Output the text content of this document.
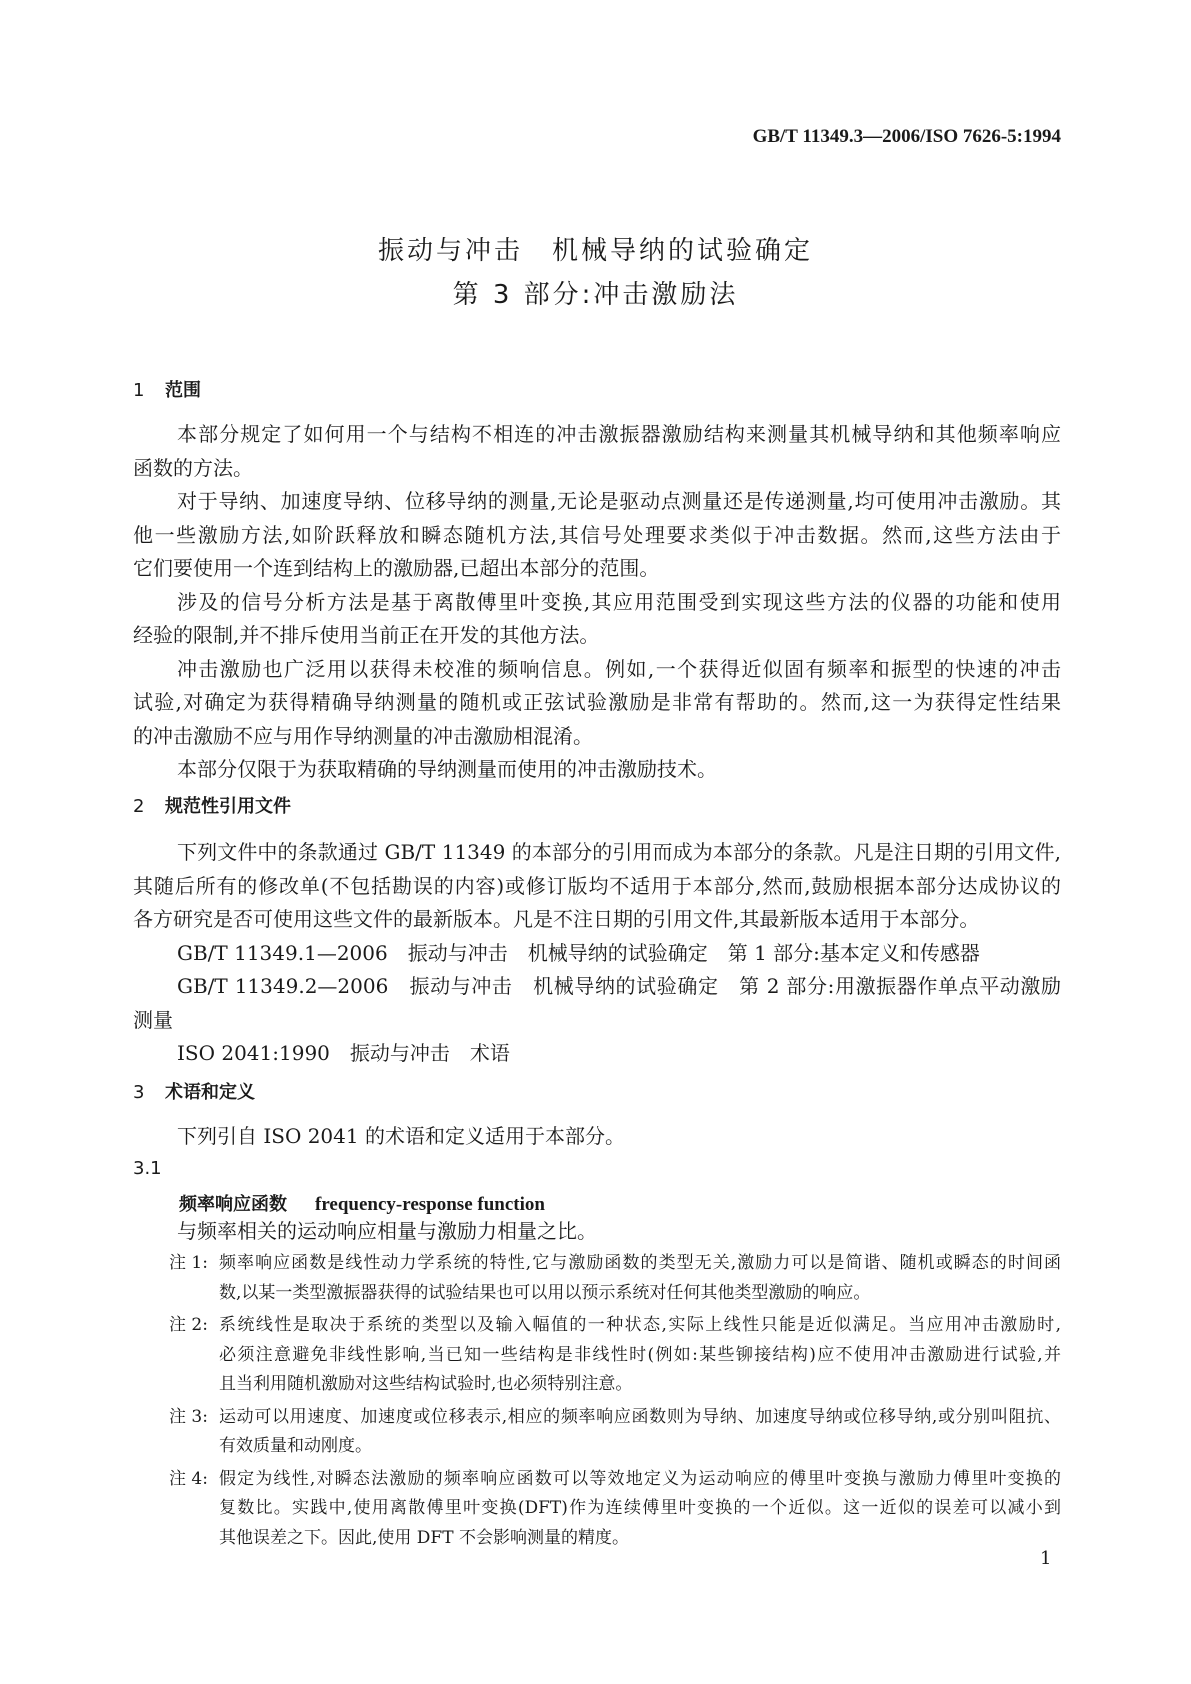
GB/T 11349.3—2006/ISO 7626-5:1994
振动与冲击　机械导纳的试验确定
第 3 部分:冲击激励法
1 范围
本部分规定了如何用一个与结构不相连的冲击激振器激励结构来测量其机械导纳和其他频率响应
函数的方法。
对于导纳、加速度导纳、位移导纳的测量,无论是驱动点测量还是传递测量,均可使用冲击激励。其
他一些激励方法,如阶跃释放和瞬态随机方法,其信号处理要求类似于冲击数据。然而,这些方法由于
它们要使用一个连到结构上的激励器,已超出本部分的范围。
涉及的信号分析方法是基于离散傅里叶变换,其应用范围受到实现这些方法的仪器的功能和使用
经验的限制,并不排斥使用当前正在开发的其他方法。
冲击激励也广泛用以获得未校准的频响信息。例如,一个获得近似固有频率和振型的快速的冲击
试验,对确定为获得精确导纳测量的随机或正弦试验激励是非常有帮助的。然而,这一为获得定性结果
的冲击激励不应与用作导纳测量的冲击激励相混淆。
本部分仅限于为获取精确的导纳测量而使用的冲击激励技术。
2 规范性引用文件
下列文件中的条款通过 GB/T 11349 的本部分的引用而成为本部分的条款。凡是注日期的引用文件,
其随后所有的修改单(不包括勘误的内容)或修订版均不适用于本部分,然而,鼓励根据本部分达成协议的
各方研究是否可使用这些文件的最新版本。凡是不注日期的引用文件,其最新版本适用于本部分。
GB/T 11349.1—2006　振动与冲击　机械导纳的试验确定　第 1 部分:基本定义和传感器
GB/T 11349.2—2006　振动与冲击　机械导纳的试验确定　第 2 部分:用激振器作单点平动激励
测量
ISO 2041:1990　振动与冲击　术语
3 术语和定义
下列引自 ISO 2041 的术语和定义适用于本部分。
3.1
频率响应函数 frequency-response function
与频率相关的运动响应相量与激励力相量之比。
注 1: 频率响应函数是线性动力学系统的特性,它与激励函数的类型无关,激励力可以是简谐、随机或瞬态的时间函
数,以某一类型激振器获得的试验结果也可以用以预示系统对任何其他类型激励的响应。
注 2: 系统线性是取决于系统的类型以及输入幅值的一种状态,实际上线性只能是近似满足。当应用冲击激励时,
必须注意避免非线性影响,当已知一些结构是非线性时(例如:某些铆接结构)应不使用冲击激励进行试验,并
且当利用随机激励对这些结构试验时,也必须特别注意。
注 3: 运动可以用速度、加速度或位移表示,相应的频率响应函数则为导纳、加速度导纳或位移导纳,或分别叫阻抗、
有效质量和动刚度。
注 4: 假定为线性,对瞬态法激励的频率响应函数可以等效地定义为运动响应的傅里叶变换与激励力傅里叶变换的
复数比。实践中,使用离散傅里叶变换(DFT)作为连续傅里叶变换的一个近似。这一近似的误差可以减小到
其他误差之下。因此,使用 DFT 不会影响测量的精度。
1
